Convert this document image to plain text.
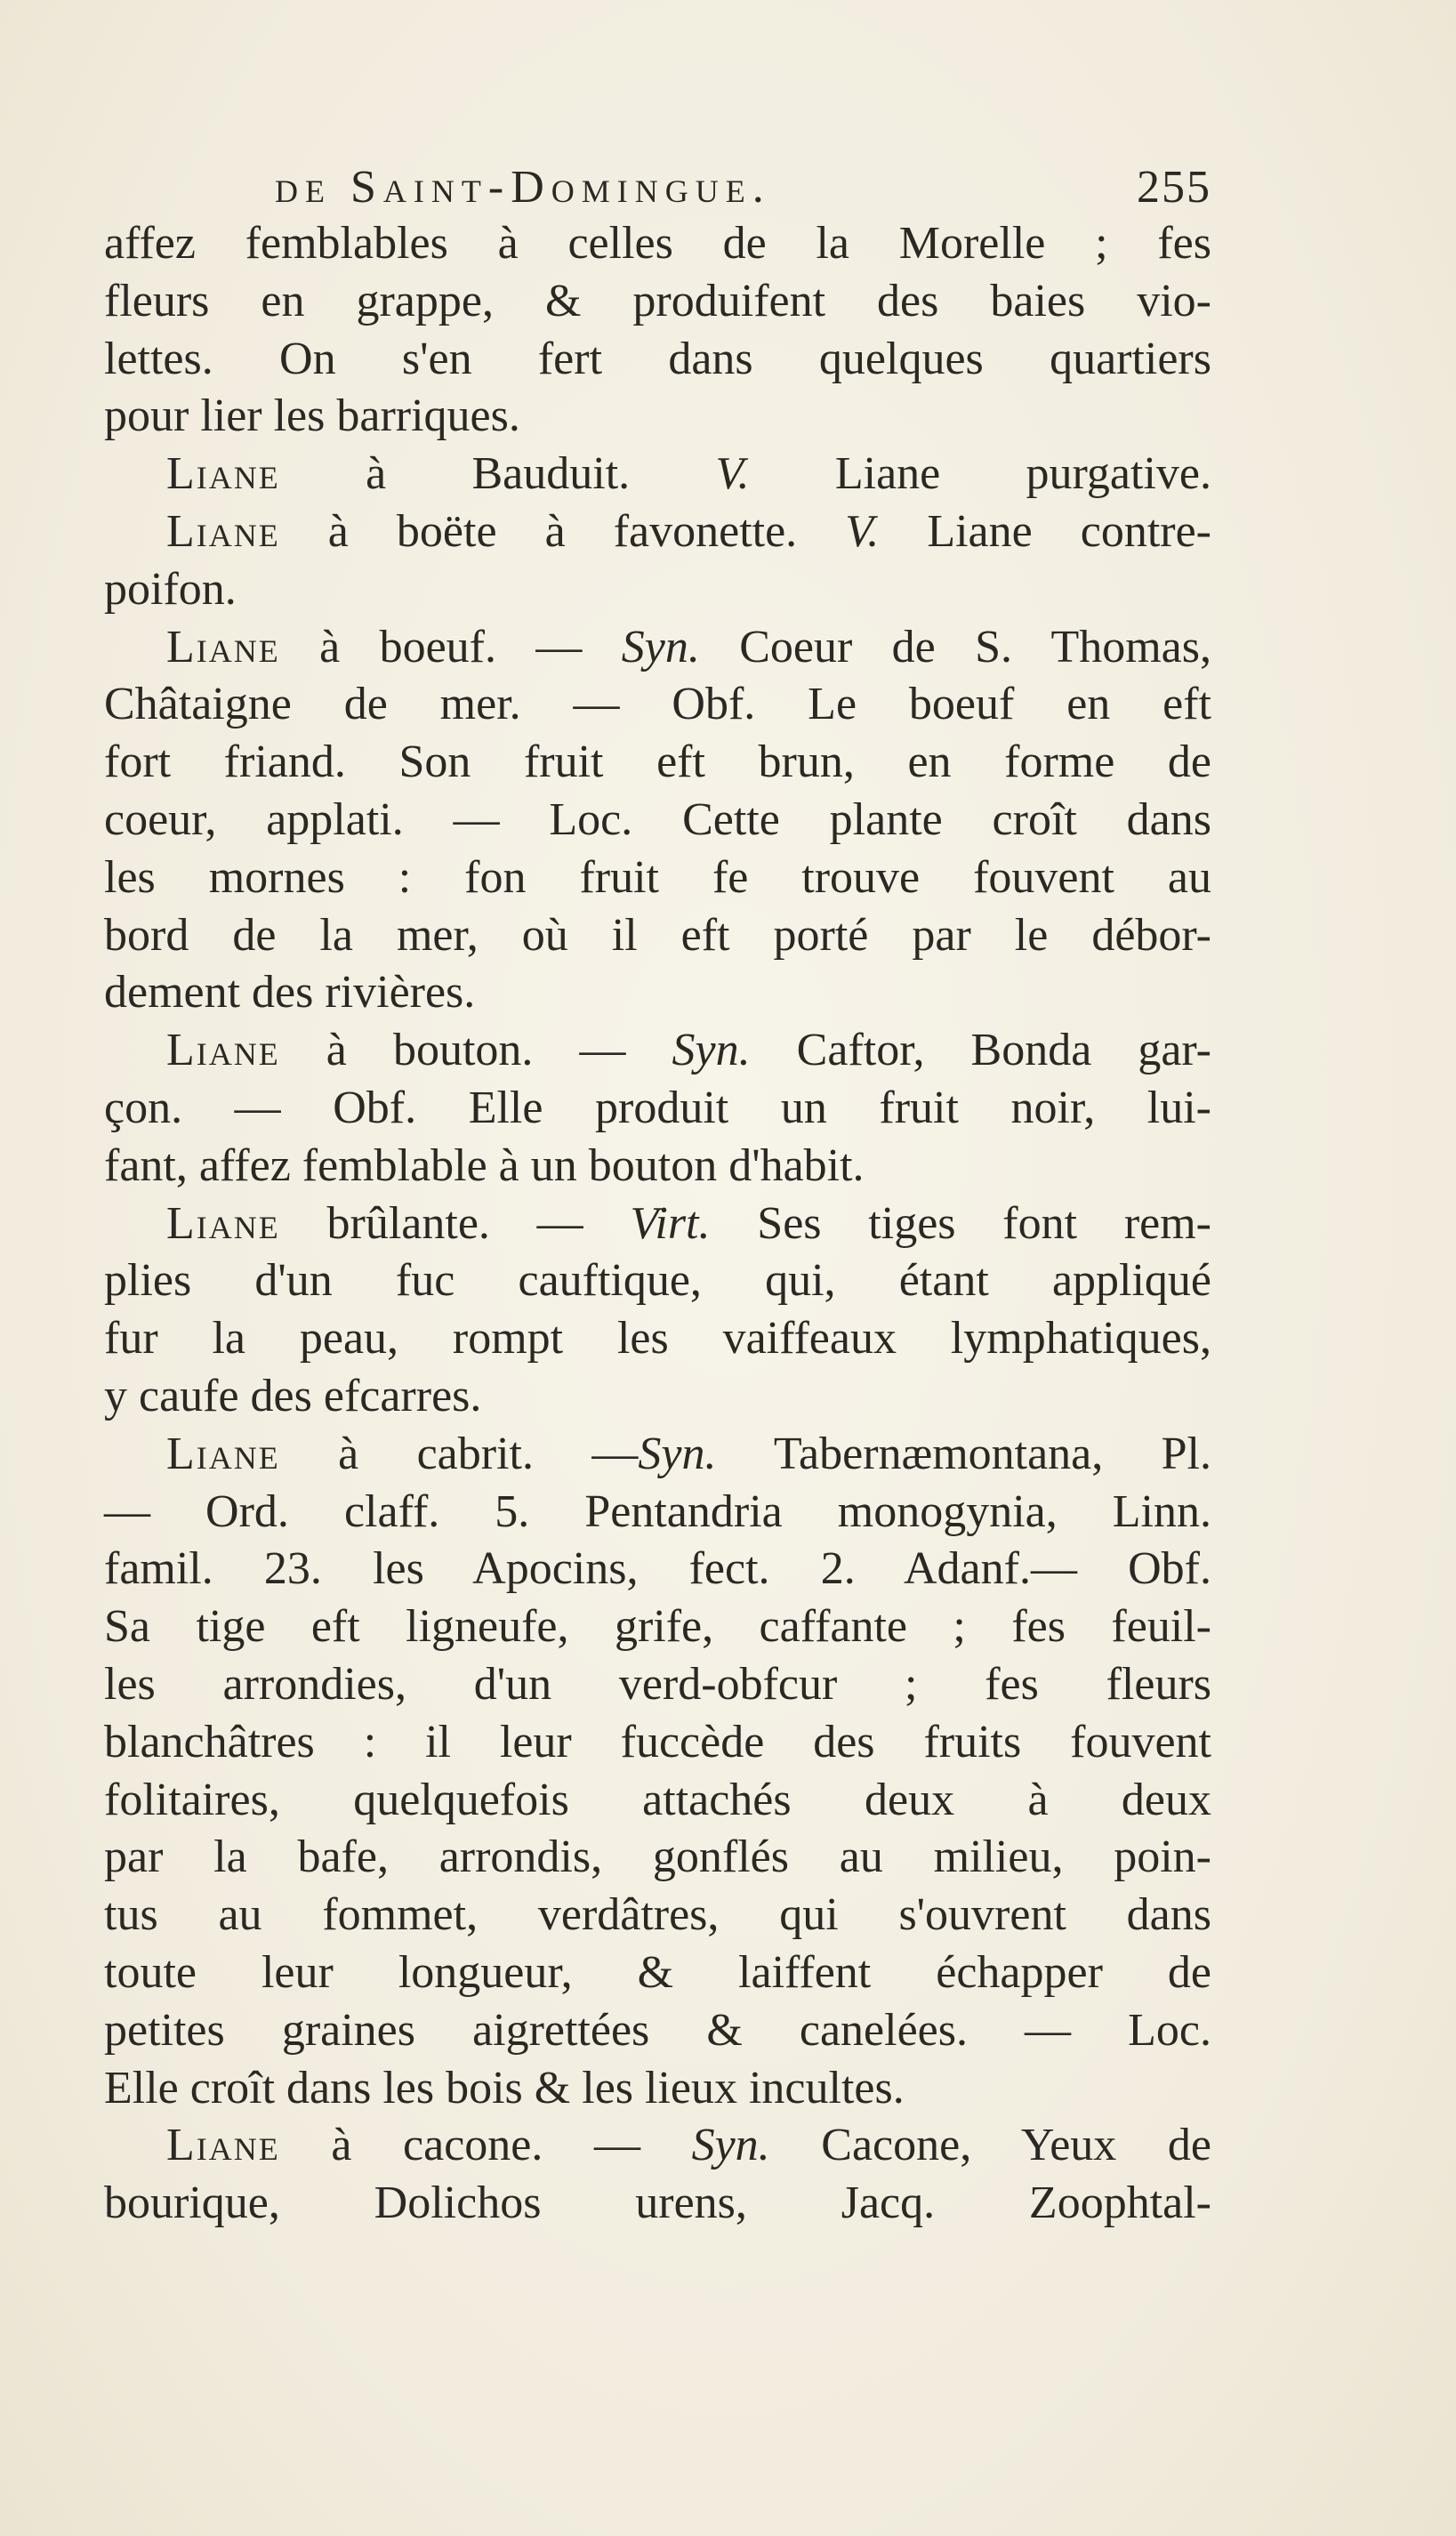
de Saint-Domingue.	255
affez femblables à celles de la Morelle ; fes
fleurs en grappe, & produifent des baies vio-
lettes. On s'en fert dans quelques quartiers
pour lier les barriques.
Liane à Bauduit. V. Liane purgative.
Liane à boëte à favonette. V. Liane contre-
poifon.
Liane à boeuf. — Syn. Coeur de S. Thomas,
Châtaigne de mer. — Obf. Le boeuf en eft
fort friand. Son fruit eft brun, en forme de
coeur, applati. — Loc. Cette plante croît dans
les mornes : fon fruit fe trouve fouvent au
bord de la mer, où il eft porté par le débor-
dement des rivières.
Liane à bouton. — Syn. Caftor, Bonda gar-
çon. — Obf. Elle produit un fruit noir, lui-
fant, affez femblable à un bouton d'habit.
Liane brûlante. — Virt. Ses tiges font rem-
plies d'un fuc cauftique, qui, étant appliqué
fur la peau, rompt les vaiffeaux lymphatiques,
y caufe des efcarres.
Liane à cabrit. —Syn. Tabernæmontana, Pl.
— Ord. claff. 5. Pentandria monogynia, Linn.
famil. 23. les Apocins, fect. 2. Adanf.— Obf.
Sa tige eft ligneufe, grife, caffante ; fes feuil-
les arrondies, d'un verd-obfcur ; fes fleurs
blanchâtres : il leur fuccède des fruits fouvent
folitaires, quelquefois attachés deux à deux
par la bafe, arrondis, gonflés au milieu, poin-
tus au fommet, verdâtres, qui s'ouvrent dans
toute leur longueur, & laiffent échapper de
petites graines aigrettées & canelées. — Loc.
Elle croît dans les bois & les lieux incultes.
Liane à cacone. — Syn. Cacone, Yeux de
bourique, Dolichos urens, Jacq. Zoophtal-
